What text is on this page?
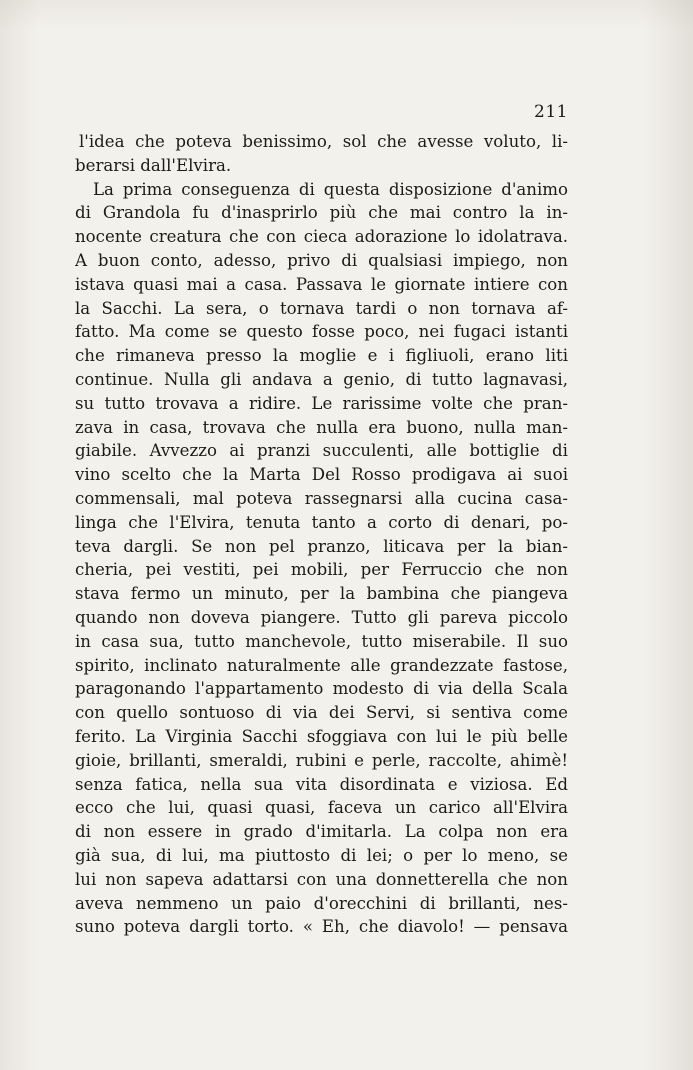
211
l'idea che poteva benissimo, sol che avesse voluto, li-
berarsi dall'Elvira.
La prima conseguenza di questa disposizione d'animo
di Grandola fu d'inasprirlo più che mai contro la in-
nocente creatura che con cieca adorazione lo idolatrava.
A buon conto, adesso, privo di qualsiasi impiego, non
istava quasi mai a casa. Passava le giornate intiere con
la Sacchi. La sera, o tornava tardi o non tornava af-
fatto. Ma come se questo fosse poco, nei fugaci istanti
che rimaneva presso la moglie e i figliuoli, erano liti
continue. Nulla gli andava a genio, di tutto lagnavasi,
su tutto trovava a ridire. Le rarissime volte che pran-
zava in casa, trovava che nulla era buono, nulla man-
giabile. Avvezzo ai pranzi succulenti, alle bottiglie di
vino scelto che la Marta Del Rosso prodigava ai suoi
commensali, mal poteva rassegnarsi alla cucina casa-
linga che l'Elvira, tenuta tanto a corto di denari, po-
teva dargli. Se non pel pranzo, liticava per la bian-
cheria, pei vestiti, pei mobili, per Ferruccio che non
stava fermo un minuto, per la bambina che piangeva
quando non doveva piangere. Tutto gli pareva piccolo
in casa sua, tutto manchevole, tutto miserabile. Il suo
spirito, inclinato naturalmente alle grandezzate fastose,
paragonando l'appartamento modesto di via della Scala
con quello sontuoso di via dei Servi, si sentiva come
ferito. La Virginia Sacchi sfoggiava con lui le più belle
gioie, brillanti, smeraldi, rubini e perle, raccolte, ahimè!
senza fatica, nella sua vita disordinata e viziosa. Ed
ecco che lui, quasi quasi, faceva un carico all'Elvira
di non essere in grado d'imitarla. La colpa non era
già sua, di lui, ma piuttosto di lei; o per lo meno, se
lui non sapeva adattarsi con una donnetterella che non
aveva nemmeno un paio d'orecchini di brillanti, nes-
suno poteva dargli torto. « Eh, che diavolo! — pensava
